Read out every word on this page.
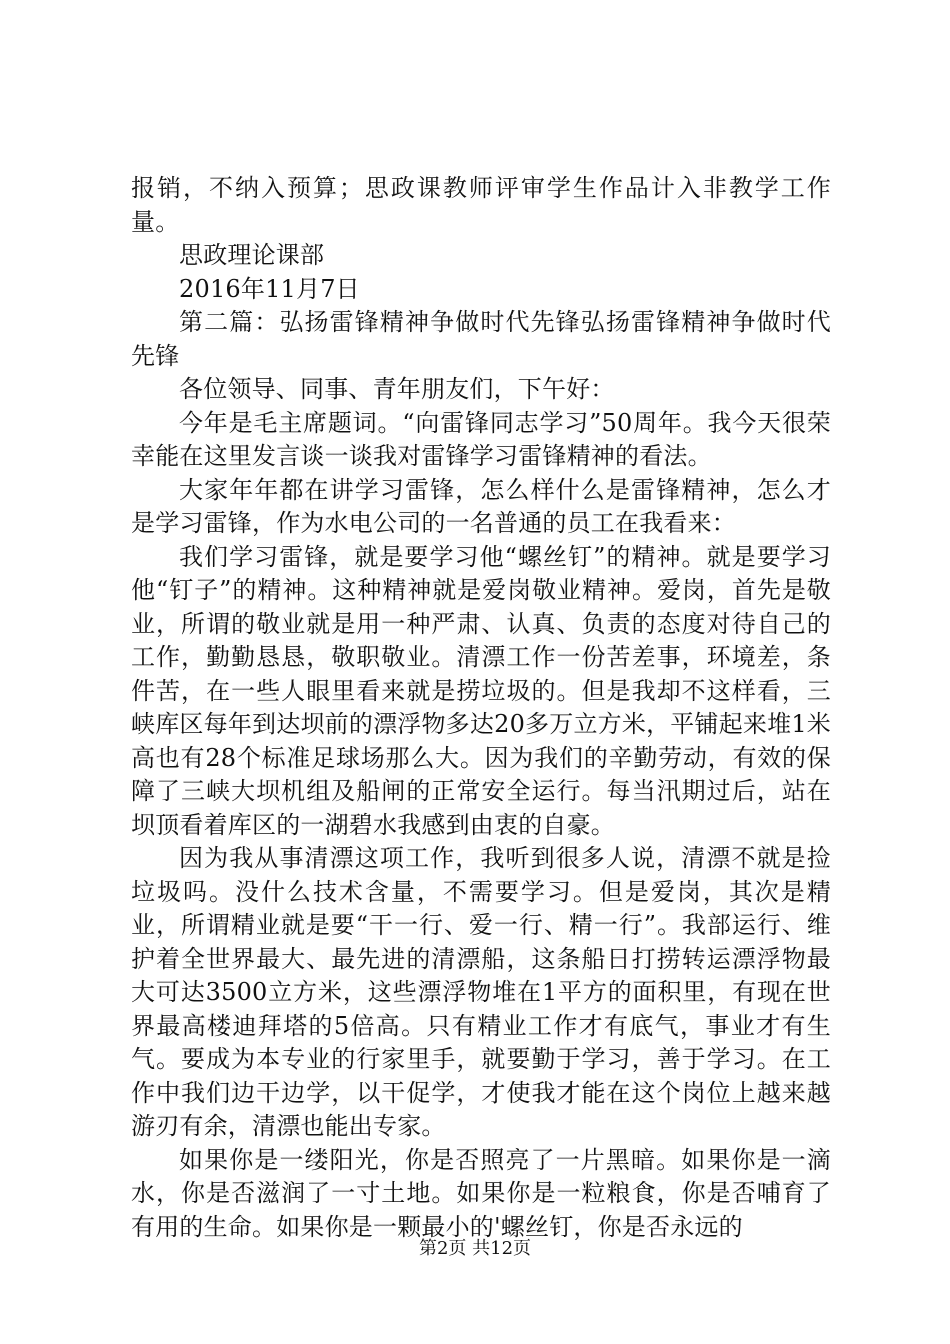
报销，不纳入预算；思政课教师评审学生作品计入非教学工作量。

思政理论课部

2016年11月7日

第二篇：弘扬雷锋精神争做时代先锋弘扬雷锋精神争做时代先锋

各位领导、同事、青年朋友们，下午好：

今年是毛主席题词。“向雷锋同志学习”50周年。我今天很荣幸能在这里发言谈一谈我对雷锋学习雷锋精神的看法。

大家年年都在讲学习雷锋，怎么样什么是雷锋精神，怎么才是学习雷锋，作为水电公司的一名普通的员工在我看来：

我们学习雷锋，就是要学习他“螺丝钉”的精神。就是要学习他“钉子”的精神。这种精神就是爱岗敬业精神。爱岗，首先是敬业，所谓的敬业就是用一种严肃、认真、负责的态度对待自己的工作，勤勤恳恳，敬职敬业。清漂工作一份苦差事，环境差，条件苦，在一些人眼里看来就是捞垃圾的。但是我却不这样看，三峡库区每年到达坝前的漂浮物多达20多万立方米，平铺起来堆1米高也有28个标准足球场那么大。因为我们的辛勤劳动，有效的保障了三峡大坝机组及船闸的正常安全运行。每当汛期过后，站在坝顶看着库区的一湖碧水我感到由衷的自豪。

因为我从事清漂这项工作，我听到很多人说，清漂不就是捡垃圾吗。没什么技术含量，不需要学习。但是爱岗，其次是精业，所谓精业就是要“干一行、爱一行、精一行”。我部运行、维护着全世界最大、最先进的清漂船，这条船日打捞转运漂浮物最大可达3500立方米，这些漂浮物堆在1平方的面积里，有现在世界最高楼迪拜塔的5倍高。只有精业工作才有底气，事业才有生气。要成为本专业的行家里手，就要勤于学习，善于学习。在工作中我们边干边学，以干促学，才使我才能在这个岗位上越来越游刃有余，清漂也能出专家。

如果你是一缕阳光，你是否照亮了一片黑暗。如果你是一滴水，你是否滋润了一寸土地。如果你是一粒粮食，你是否哺育了有用的生命。如果你是一颗最小的'螺丝钉，你是否永远的

第2页 共12页
